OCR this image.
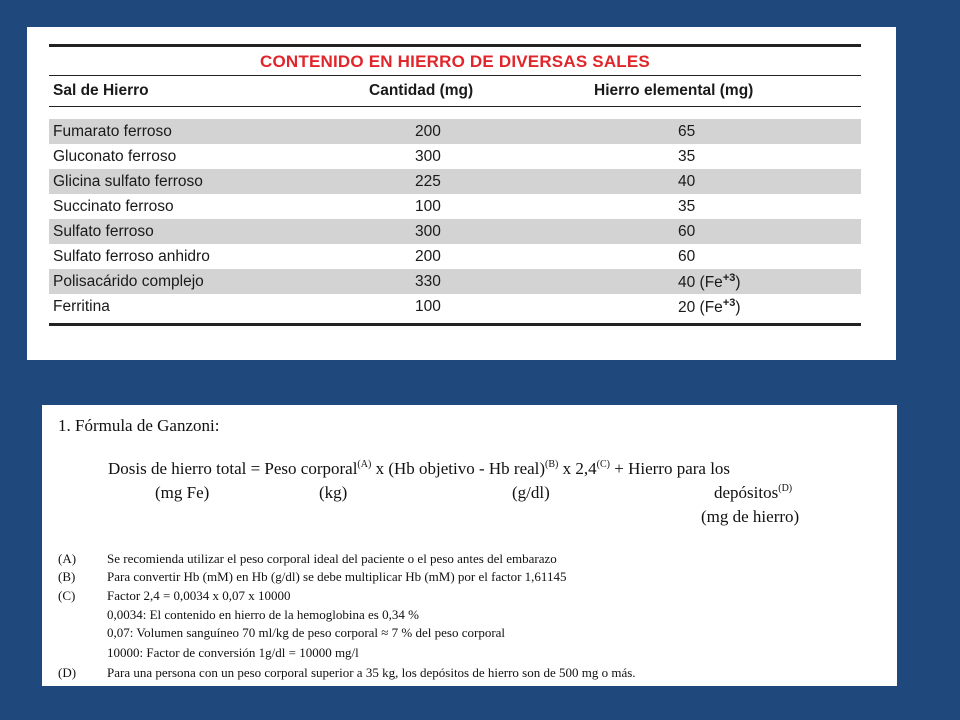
CONTENIDO EN HIERRO DE DIVERSAS SALES
Sal de Hierro	Cantidad (mg)	Hierro elemental (mg)
Fumarato ferroso	200	65
Gluconato ferroso	300	35
Glicina sulfato ferroso	225	40
Succinato ferroso	100	35
Sulfato ferroso	300	60
Sulfato ferroso anhidro	200	60
Polisacárido complejo	330	40 $(Fe^{+3})$
Ferritina	100	20 $(Fe^{+3})$
1. Fórmula de Ganzoni:
Dosis de hierro total = Peso corporal$^{(A)}$ x (Hb objetivo - Hb real)$^{(B)}$ x $2,4^{(C)}$ + Hierro para los
(mg Fe)	(kg)	(g/dl)	depósitos$^{(D)}$
(mg de hierro)
(A) Se recomienda utilizar el peso corporal ideal del paciente o el peso antes del embarazo
(B) Para convertir Hb (mM) en Hb (g/dl) se debe multiplicar Hb (mM) por el factor 1,61145
(C) Factor 2,4 = 0,0034 x 0,07 x 10000
0,0034: El contenido en hierro de la hemoglobina es 0,34 %
0,07: Volumen sanguíneo 70 ml/kg de peso corporal ≈ 7 % del peso corporal
10000: Factor de conversión 1g/dl = 10000 mg/l
(D) Para una persona con un peso corporal superior a 35 kg, los depósitos de hierro son de 500 mg o más.
